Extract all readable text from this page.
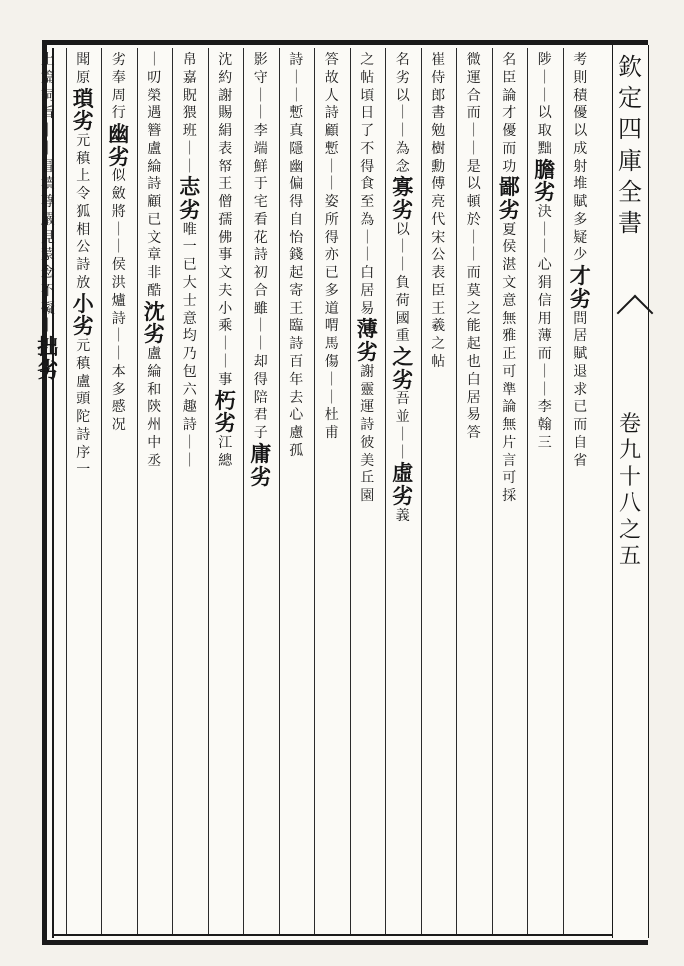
欽
定
四
庫
全
書
卷
九
十
八
之
五
考
則
積
優
以
成
射
堆
賦
多
疑
少
才
劣
問
居
賦
退
求
已
而
自
省
陟
｜
｜
以
取
黜
膽
劣
決
｜
｜
心
狷
信
用
薄
而
｜
｜
李
翰
三
名
臣
論
才
優
而
功
鄙
劣
夏
侯
湛
文
意
無
雅
正
可
準
論
無
片
言
可
採
微
運
合
而
｜
｜
是
以
頓
於
｜
｜
而
莫
之
能
起
也
白
居
易
答
崔
侍
郎
書
勉
樹
勳
傅
亮
代
宋
公
表
臣
王
羲
之
帖
名
劣
以
｜
｜
為
念
寡
劣
以
｜
｜
負
荷
國
重
之
劣
吾
並
｜
｜
虛
劣
義
之
帖
頃
日
了
不
得
食
至
為
｜
｜
白
居
易
薄
劣
謝
靈
運
詩
彼
美
丘
園
答
故
人
詩
顧
慙
｜
｜
姿
所
得
亦
已
多
道
喟
馬
傷
｜
｜
杜
甫
詩
｜
｜
慙
真
隱
幽
偏
得
自
怡
錢
起
寄
王
臨
詩
百
年
去
心
慮
孤
影
守
｜
｜
李
端
鮮
于
宅
看
花
詩
初
合
雖
｜
｜
却
得
陪
君
子
庸
劣
沈
約
謝
賜
絹
表
帑
王
僧
孺
佛
事
文
夫
小
乘
｜
｜
事
朽
劣
江
總
帛
嘉
貺
猥
班
｜
｜
志
劣
唯
一
已
大
士
意
均
乃
包
六
趣
詩
｜
｜
｜
叨
榮
遇
簪
盧
綸
詩
顧
已
文
章
非
酷
沈
劣
盧
綸
和
陝
州
中
丞
劣
奉
周
行
幽
劣
似
斂
將
｜
｜
侯
洪
爐
詩
｜
｜
本
多
慼
况
聞
原
瑣
劣
元
稹
上
令
狐
相
公
詩
放
小
劣
元
稹
盧
頭
陀
詩
序
一
上
篇
詞
旨
｜
｜
冒
瀆
尊
嚴
見
蒙
念
不
礙
｜
拙
劣
